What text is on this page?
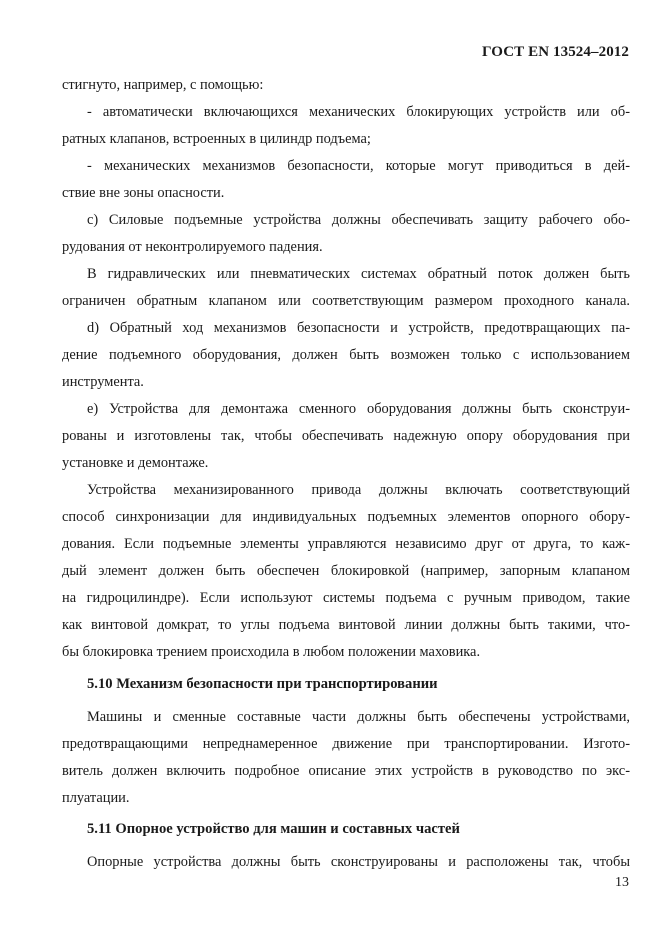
ГОСТ EN 13524–2012
стигнуто, например, с помощью:
- автоматически включающихся механических блокирующих устройств или об-
ратных клапанов, встроенных в цилиндр подъема;
- механических механизмов безопасности, которые могут приводиться в дей-
ствие вне зоны опасности.
c) Силовые подъемные устройства должны обеспечивать защиту рабочего обо-
рудования от неконтролируемого падения.
В гидравлических или пневматических системах обратный поток должен быть
ограничен обратным клапаном или соответствующим размером проходного канала.
d) Обратный ход механизмов безопасности и устройств, предотвращающих па-
дение подъемного оборудования, должен быть возможен только с использованием
инструмента.
e) Устройства для демонтажа сменного оборудования должны быть сконструи-
рованы и изготовлены так, чтобы обеспечивать надежную опору оборудования при
установке и демонтаже.
Устройства механизированного привода должны включать соответствующий
способ синхронизации для индивидуальных подъемных элементов опорного обору-
дования. Если подъемные элементы управляются независимо друг от друга, то каж-
дый элемент должен быть обеспечен блокировкой (например, запорным клапаном
на гидроцилиндре). Если используют системы подъема с ручным приводом, такие
как винтовой домкрат, то углы подъема винтовой линии должны быть такими, что-
бы блокировка трением происходила в любом положении маховика.
5.10 Механизм безопасности при транспортировании
Машины и сменные составные части должны быть обеспечены устройствами,
предотвращающими непреднамеренное движение при транспортировании. Изгото-
витель должен включить подробное описание этих устройств в руководство по экс-
плуатации.
5.11 Опорное устройство для машин и составных частей
Опорные устройства должны быть сконструированы и расположены так, чтобы
13
